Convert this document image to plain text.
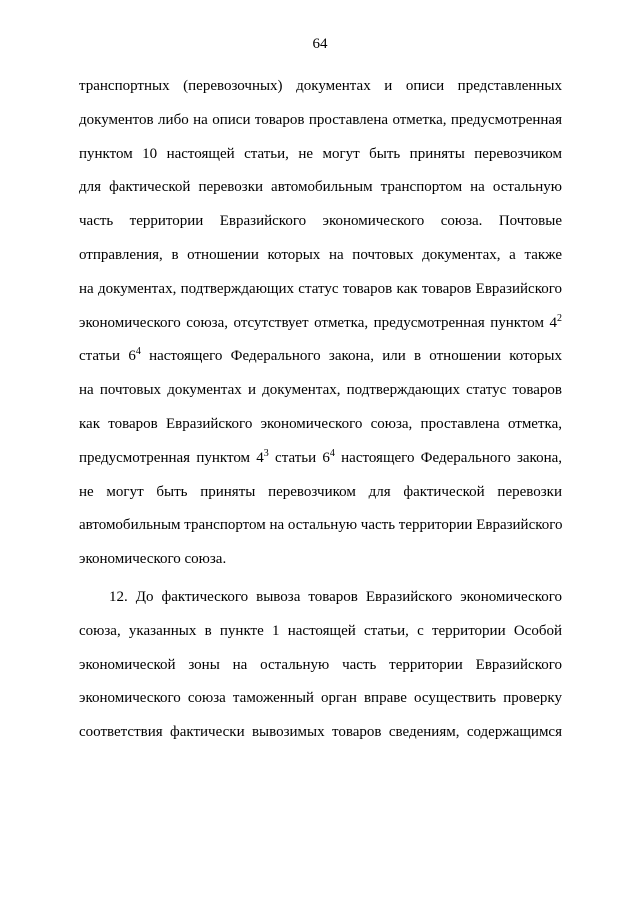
64
транспортных (перевозочных) документах и описи представленных
документов либо на описи товаров проставлена отметка, предусмотренная
пунктом 10 настоящей статьи, не могут быть приняты перевозчиком
для фактической перевозки автомобильным транспортом на остальную
часть территории Евразийского экономического союза. Почтовые
отправления, в отношении которых на почтовых документах, а также
на документах, подтверждающих статус товаров как товаров Евразийского
экономического союза, отсутствует отметка, предусмотренная пунктом $4^2$
статьи $6^4$ настоящего Федерального закона, или в отношении которых
на почтовых документах и документах, подтверждающих статус товаров
как товаров Евразийского экономического союза, проставлена отметка,
предусмотренная пунктом $4^3$ статьи $6^4$ настоящего Федерального закона,
не могут быть приняты перевозчиком для фактической перевозки
автомобильным транспортом на остальную часть территории Евразийского
экономического союза.
12. До фактического вывоза товаров Евразийского экономического
союза, указанных в пункте 1 настоящей статьи, с территории Особой
экономической зоны на остальную часть территории Евразийского
экономического союза таможенный орган вправе осуществить проверку
соответствия фактически вывозимых товаров сведениям, содержащимся
